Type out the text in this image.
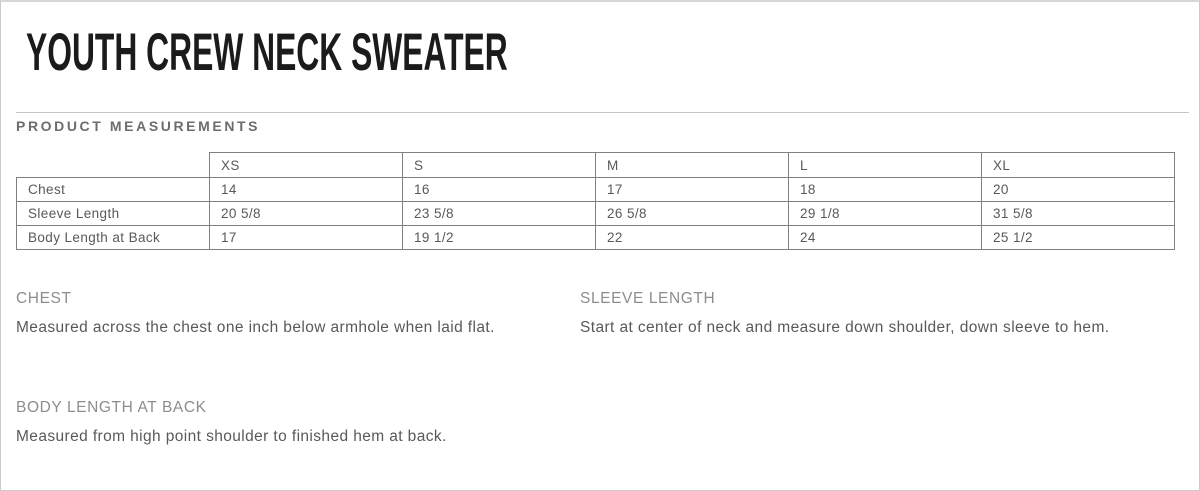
YOUTH CREW NECK SWEATER
PRODUCT MEASUREMENTS
	XS	S	M	L	XL
Chest	14	16	17	18	20
Sleeve Length	20 5/8	23 5/8	26 5/8	29 1/8	31 5/8
Body Length at Back	17	19 1/2	22	24	25 1/2
CHEST

Measured across the chest one inch below armhole when laid flat.

SLEEVE LENGTH

Start at center of neck and measure down shoulder, down sleeve to hem.

BODY LENGTH AT BACK

Measured from high point shoulder to finished hem at back.
